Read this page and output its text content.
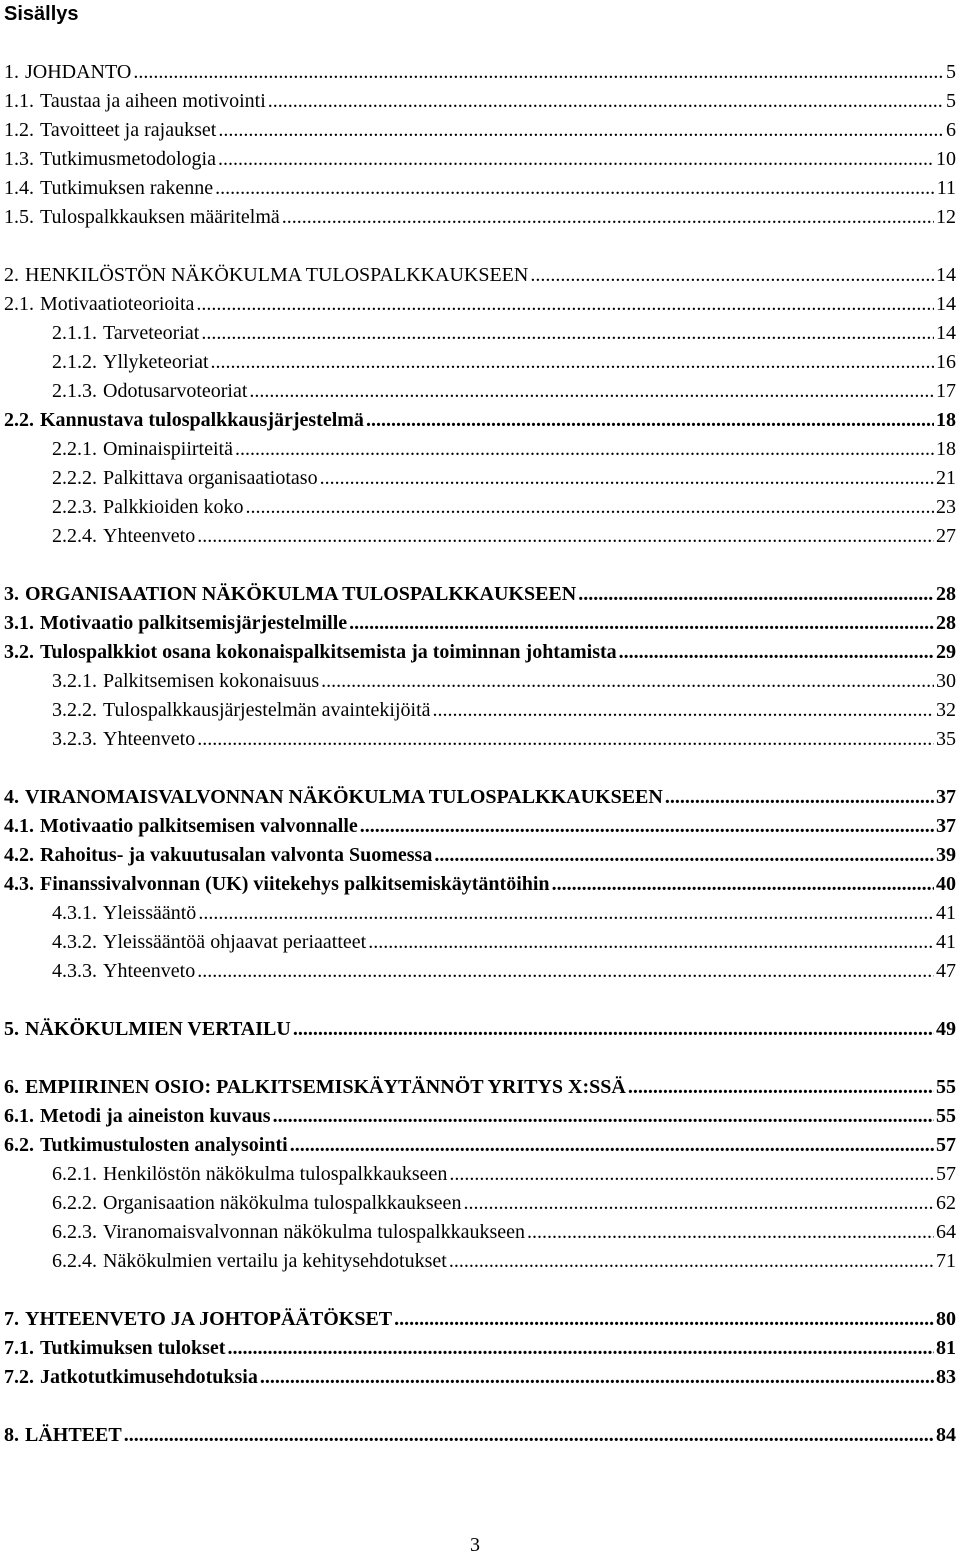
Sisällys
1. JOHDANTO .....	5
1.1. Taustaa ja aiheen motivointi .....	5
1.2. Tavoitteet ja rajaukset .....	6
1.3. Tutkimusmetodologia .....	10
1.4. Tutkimuksen rakenne .....	11
1.5. Tulospalkkauksen määritelmä .....	12
2. HENKILÖSTÖN NÄKÖKULMA TULOSPALKKAUKSEEN .....	14
2.1. Motivaatioteorioita .....	14
2.1.1. Tarveteoriat .....	14
2.1.2. Yllyketeoriat .....	16
2.1.3. Odotusarvoteoriat .....	17
2.2. Kannustava tulospalkkausjärjestelmä .....	18
2.2.1. Ominaispiirteitä .....	18
2.2.2. Palkittava organisaatiotaso .....	21
2.2.3. Palkkioiden koko .....	23
2.2.4. Yhteenveto .....	27
3. ORGANISAATION NÄKÖKULMA TULOSPALKKAUKSEEN .....	28
3.1. Motivaatio palkitsemisjärjestelmille .....	28
3.2. Tulospalkkiot osana kokonaispalkitsemista ja toiminnan johtamista .....	29
3.2.1. Palkitsemisen kokonaisuus .....	30
3.2.2. Tulospalkkausjärjestelmän avaintekijöitä .....	32
3.2.3. Yhteenveto .....	35
4. VIRANOMAISVALVONNAN NÄKÖKULMA TULOSPALKKAUKSEEN .....	37
4.1. Motivaatio palkitsemisen valvonnalle .....	37
4.2. Rahoitus- ja vakuutusalan valvonta Suomessa .....	39
4.3. Finanssivalvonnan (UK) viitekehys palkitsemiskäytäntöihin .....	40
4.3.1. Yleissääntö .....	41
4.3.2. Yleissääntöä ohjaavat periaatteet .....	41
4.3.3. Yhteenveto .....	47
5. NÄKÖKULMIEN VERTAILU .....	49
6. EMPIIRINEN OSIO: PALKITSEMISKÄYTÄNNÖT YRITYS X:SSÄ .....	55
6.1. Metodi ja aineiston kuvaus .....	55
6.2. Tutkimustulosten analysointi .....	57
6.2.1. Henkilöstön näkökulma tulospalkkaukseen .....	57
6.2.2. Organisaation näkökulma tulospalkkaukseen .....	62
6.2.3. Viranomaisvalvonnan näkökulma tulospalkkaukseen .....	64
6.2.4. Näkökulmien vertailu ja kehitysehdotukset .....	71
7. YHTEENVETO JA JOHTOPÄÄTÖKSET .....	80
7.1. Tutkimuksen tulokset .....	81
7.2. Jatkotutkimusehdotuksia .....	83
8. LÄHTEET .....	84
3
